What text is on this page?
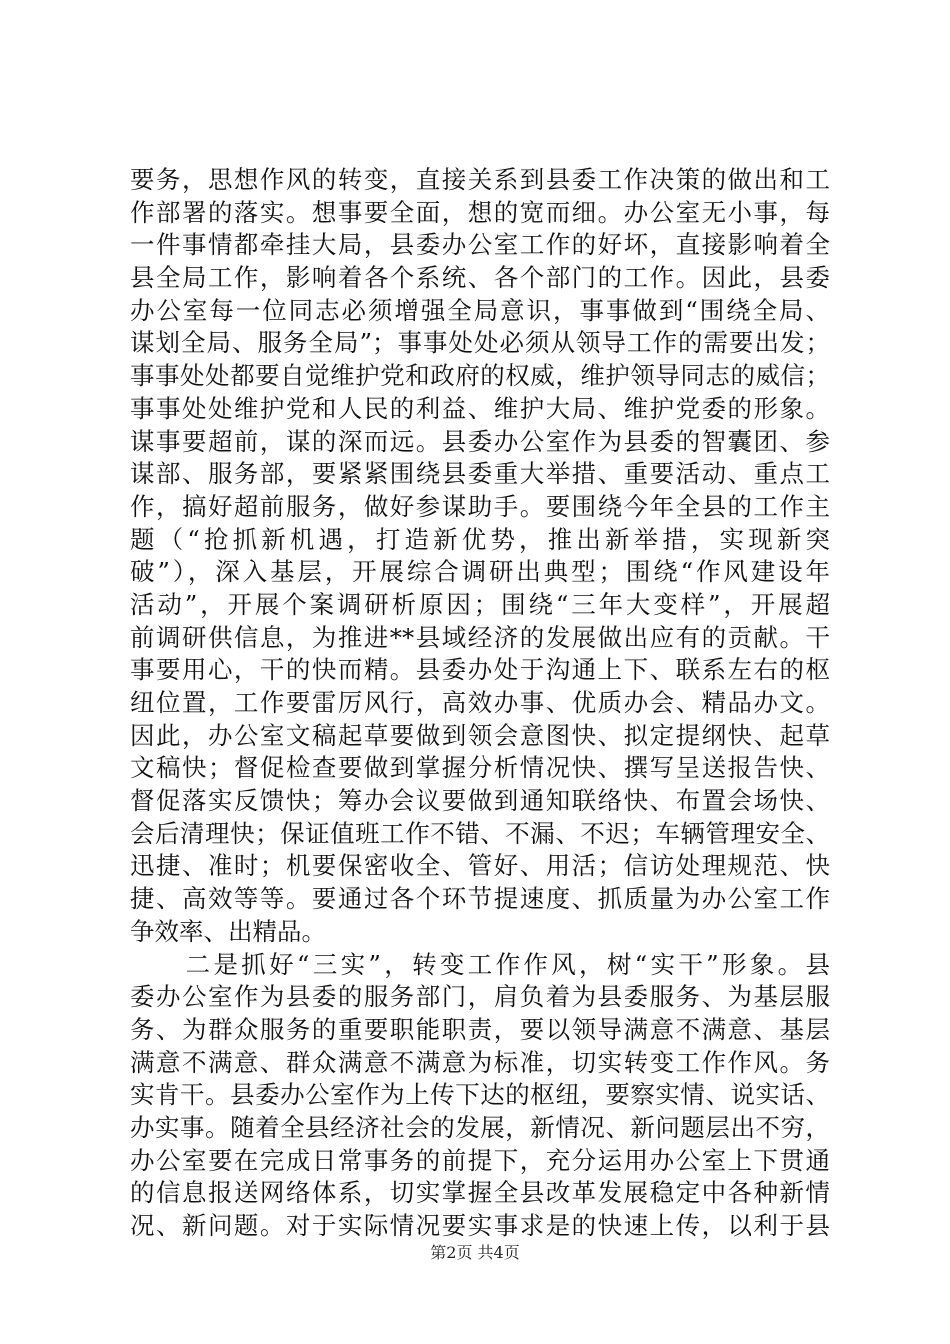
要务，思想作风的转变，直接关系到县委工作决策的做出和工
作部署的落实。想事要全面，想的宽而细。办公室无小事，每
一件事情都牵挂大局，县委办公室工作的好坏，直接影响着全
县全局工作，影响着各个系统、各个部门的工作。因此，县委
办公室每一位同志必须增强全局意识，事事做到“围绕全局、
谋划全局、服务全局”；事事处处必须从领导工作的需要出发；
事事处处都要自觉维护党和政府的权威，维护领导同志的威信；
事事处处维护党和人民的利益、维护大局、维护党委的形象。
谋事要超前，谋的深而远。县委办公室作为县委的智囊团、参
谋部、服务部，要紧紧围绕县委重大举措、重要活动、重点工
作，搞好超前服务，做好参谋助手。要围绕今年全县的工作主
题（“抢抓新机遇，打造新优势，推出新举措，实现新突
破”），深入基层，开展综合调研出典型；围绕“作风建设年
活动”，开展个案调研析原因；围绕“三年大变样”，开展超
前调研供信息，为推进**县域经济的发展做出应有的贡献。干
事要用心，干的快而精。县委办处于沟通上下、联系左右的枢
纽位置，工作要雷厉风行，高效办事、优质办会、精品办文。
因此，办公室文稿起草要做到领会意图快、拟定提纲快、起草
文稿快；督促检查要做到掌握分析情况快、撰写呈送报告快、
督促落实反馈快；筹办会议要做到通知联络快、布置会场快、
会后清理快；保证值班工作不错、不漏、不迟；车辆管理安全、
迅捷、准时；机要保密收全、管好、用活；信访处理规范、快
捷、高效等等。要通过各个环节提速度、抓质量为办公室工作
争效率、出精品。
　　二是抓好“三实”，转变工作作风，树“实干”形象。县
委办公室作为县委的服务部门，肩负着为县委服务、为基层服
务、为群众服务的重要职能职责，要以领导满意不满意、基层
满意不满意、群众满意不满意为标准，切实转变工作作风。务
实肯干。县委办公室作为上传下达的枢纽，要察实情、说实话、
办实事。随着全县经济社会的发展，新情况、新问题层出不穷，
办公室要在完成日常事务的前提下，充分运用办公室上下贯通
的信息报送网络体系，切实掌握全县改革发展稳定中各种新情
况、新问题。对于实际情况要实事求是的快速上传，以利于县
第2页 共4页
